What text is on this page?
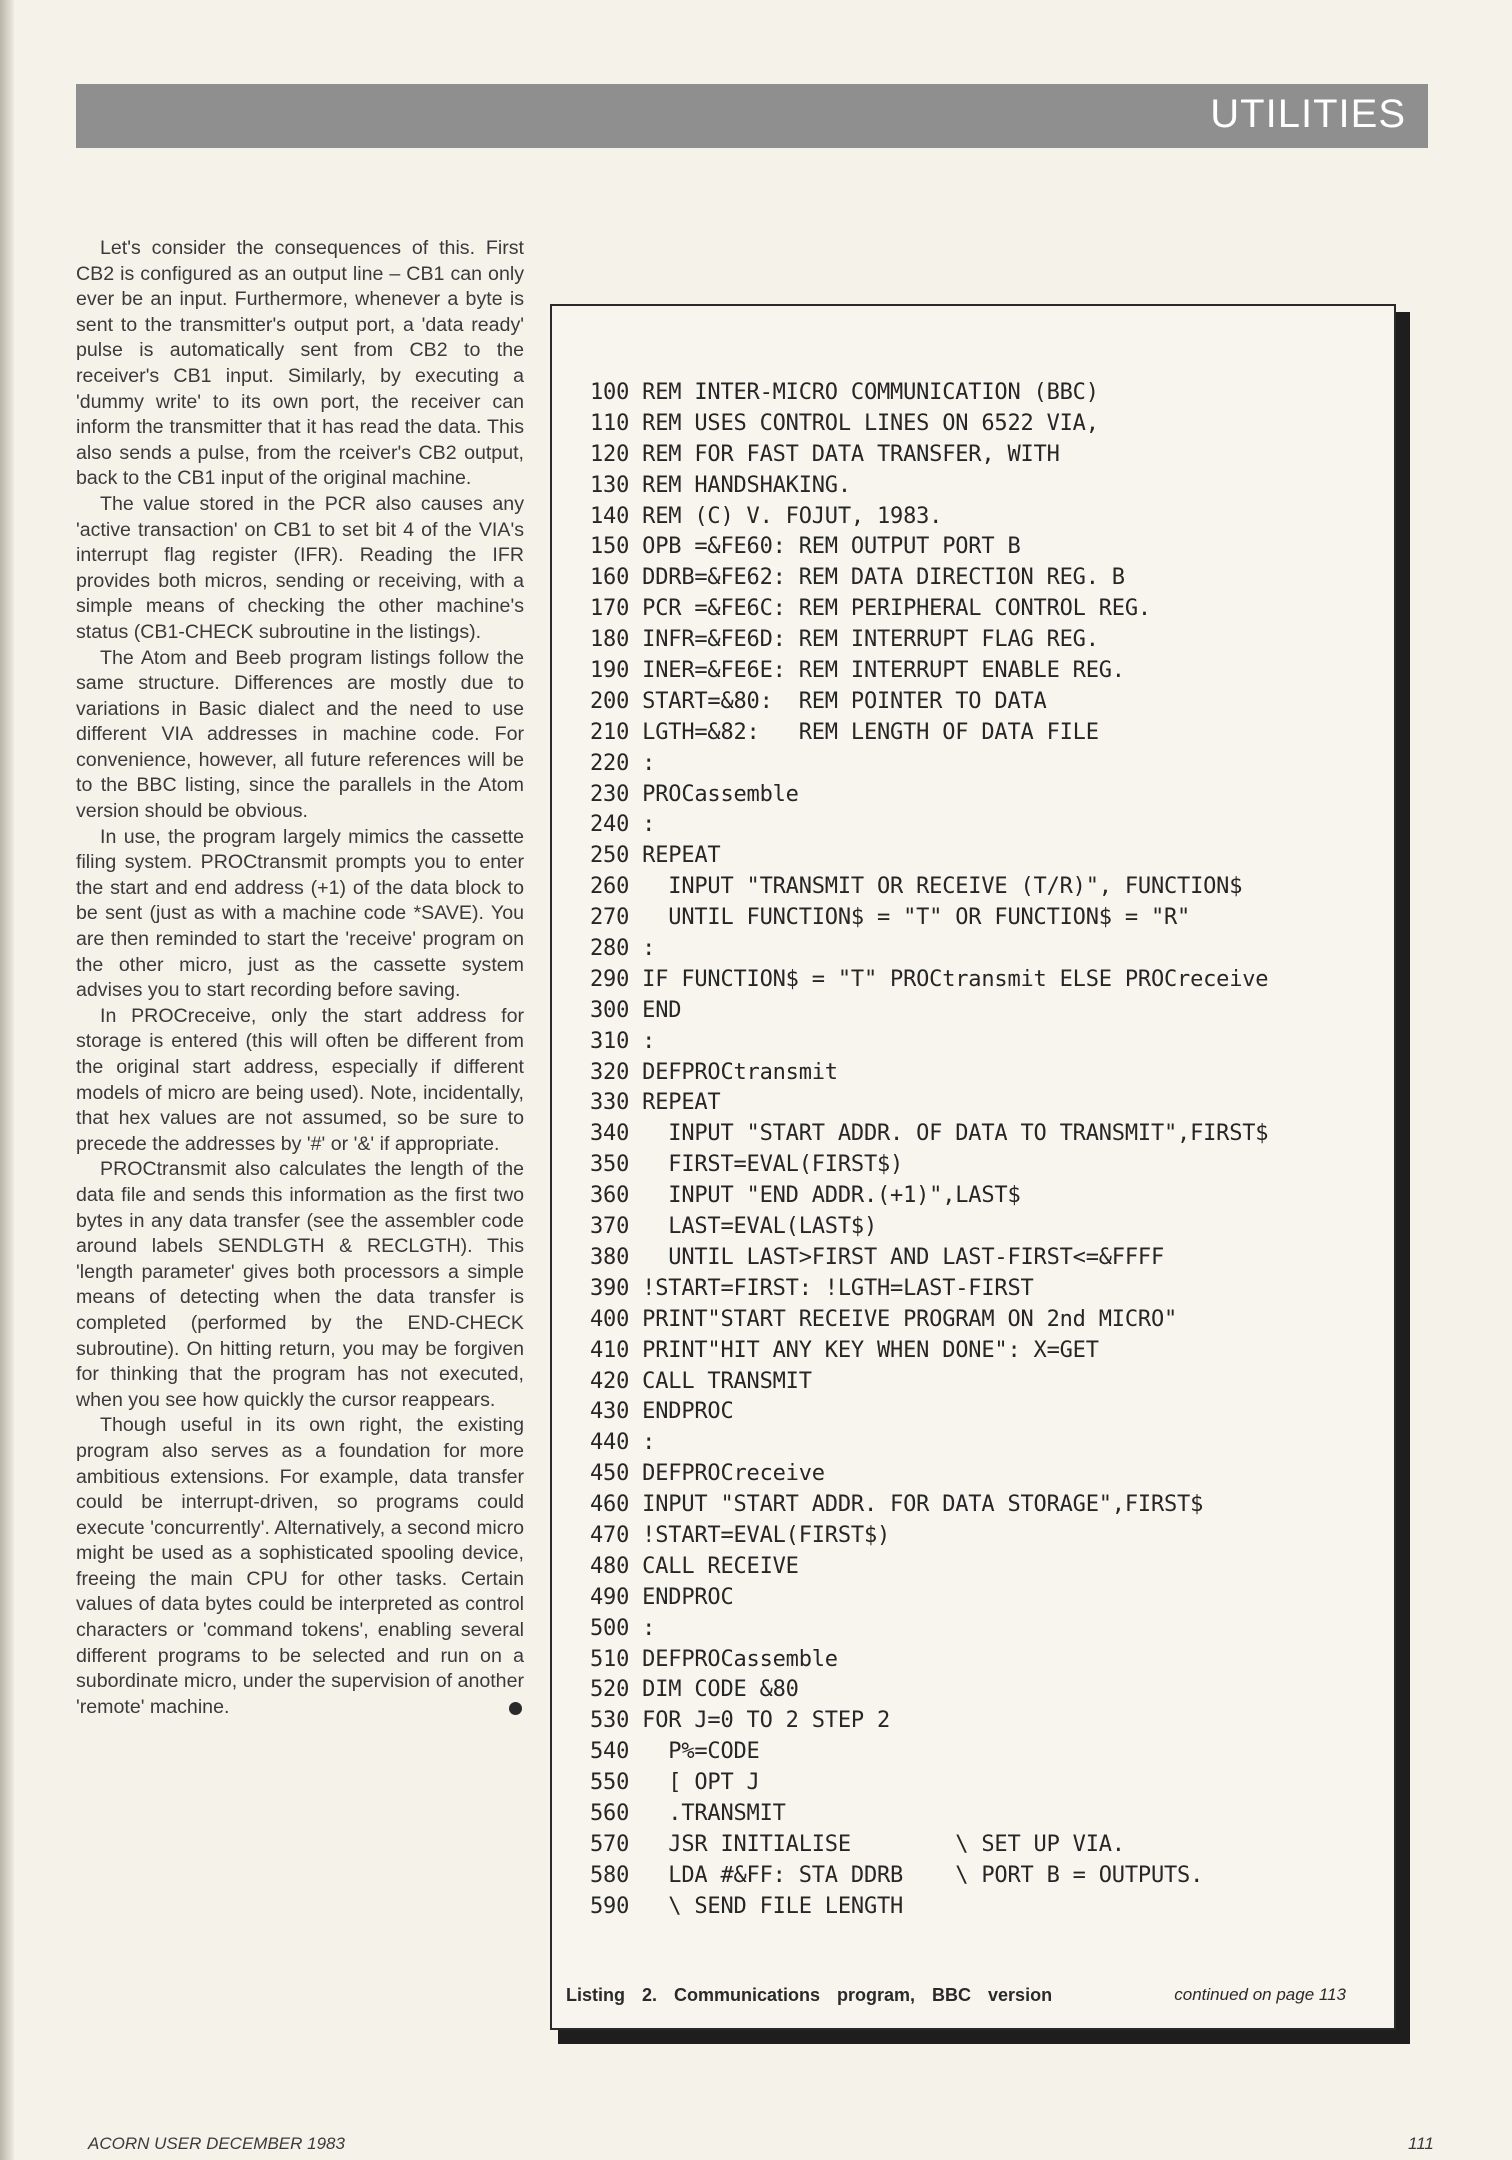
UTILITIES

Let's consider the consequences of this. First CB2 is configured as an output line – CB1 can only ever be an input. Furthermore, whenever a byte is sent to the transmitter's output port, a 'data ready' pulse is automatically sent from CB2 to the receiver's CB1 input. Similarly, by executing a 'dummy write' to its own port, the receiver can inform the transmitter that it has read the data. This also sends a pulse, from the rceiver's CB2 output, back to the CB1 input of the original machine.

The value stored in the PCR also causes any 'active transaction' on CB1 to set bit 4 of the VIA's interrupt flag register (IFR). Reading the IFR provides both micros, sending or receiving, with a simple means of checking the other machine's status (CB1-CHECK subroutine in the listings).

The Atom and Beeb program listings follow the same structure. Differences are mostly due to variations in Basic dialect and the need to use different VIA addresses in machine code. For convenience, however, all future references will be to the BBC listing, since the parallels in the Atom version should be obvious.

In use, the program largely mimics the cassette filing system. PROCtransmit prompts you to enter the start and end address (+1) of the data block to be sent (just as with a machine code *SAVE). You are then reminded to start the 'receive' program on the other micro, just as the cassette system advises you to start recording before saving.

In PROCreceive, only the start address for storage is entered (this will often be different from the original start address, especially if different models of micro are being used). Note, incidentally, that hex values are not assumed, so be sure to precede the addresses by '#' or '&' if appropriate.

PROCtransmit also calculates the length of the data file and sends this information as the first two bytes in any data transfer (see the assembler code around labels SENDLGTH & RECLGTH). This 'length parameter' gives both processors a simple means of detecting when the data transfer is completed (performed by the END-CHECK subroutine). On hitting return, you may be forgiven for thinking that the program has not executed, when you see how quickly the cursor reappears.

Though useful in its own right, the existing program also serves as a foundation for more ambitious extensions. For example, data transfer could be interrupt-driven, so programs could execute 'concurrently'. Alternatively, a second micro might be used as a sophisticated spooling device, freeing the main CPU for other tasks. Certain values of data bytes could be interpreted as control characters or 'command tokens', enabling several different programs to be selected and run on a subordinate micro, under the supervision of another 'remote' machine.

100 REM INTER-MICRO COMMUNICATION (BBC)
110 REM USES CONTROL LINES ON 6522 VIA,
120 REM FOR FAST DATA TRANSFER, WITH
130 REM HANDSHAKING.
140 REM (C) V. FOJUT, 1983.
150 OPB =&FE60: REM OUTPUT PORT B
160 DDRB=&FE62: REM DATA DIRECTION REG. B
170 PCR =&FE6C: REM PERIPHERAL CONTROL REG.
180 INFR=&FE6D: REM INTERRUPT FLAG REG.
190 INER=&FE6E: REM INTERRUPT ENABLE REG.
200 START=&80:  REM POINTER TO DATA
210 LGTH=&82:   REM LENGTH OF DATA FILE
220 :
230 PROCassemble
240 :
250 REPEAT
260   INPUT "TRANSMIT OR RECEIVE (T/R)", FUNCTION$
270   UNTIL FUNCTION$ = "T" OR FUNCTION$ = "R"
280 :
290 IF FUNCTION$ = "T" PROCtransmit ELSE PROCreceive
300 END
310 :
320 DEFPROCtransmit
330 REPEAT
340   INPUT "START ADDR. OF DATA TO TRANSMIT",FIRST$
350   FIRST=EVAL(FIRST$)
360   INPUT "END ADDR.(+1)",LAST$
370   LAST=EVAL(LAST$)
380   UNTIL LAST>FIRST AND LAST-FIRST<=&FFFF
390 !START=FIRST: !LGTH=LAST-FIRST
400 PRINT"START RECEIVE PROGRAM ON 2nd MICRO"
410 PRINT"HIT ANY KEY WHEN DONE": X=GET
420 CALL TRANSMIT
430 ENDPROC
440 :
450 DEFPROCreceive
460 INPUT "START ADDR. FOR DATA STORAGE",FIRST$
470 !START=EVAL(FIRST$)
480 CALL RECEIVE
490 ENDPROC
500 :
510 DEFPROCassemble
520 DIM CODE &80
530 FOR J=0 TO 2 STEP 2
540   P%=CODE
550   [ OPT J
560   .TRANSMIT
570   JSR INITIALISE        \ SET UP VIA.
580   LDA #&FF: STA DDRB    \ PORT B = OUTPUTS.
590   \ SEND FILE LENGTH
Listing 2. Communications program, BBC version	continued on page 113
ACORN USER DECEMBER 1983	111
